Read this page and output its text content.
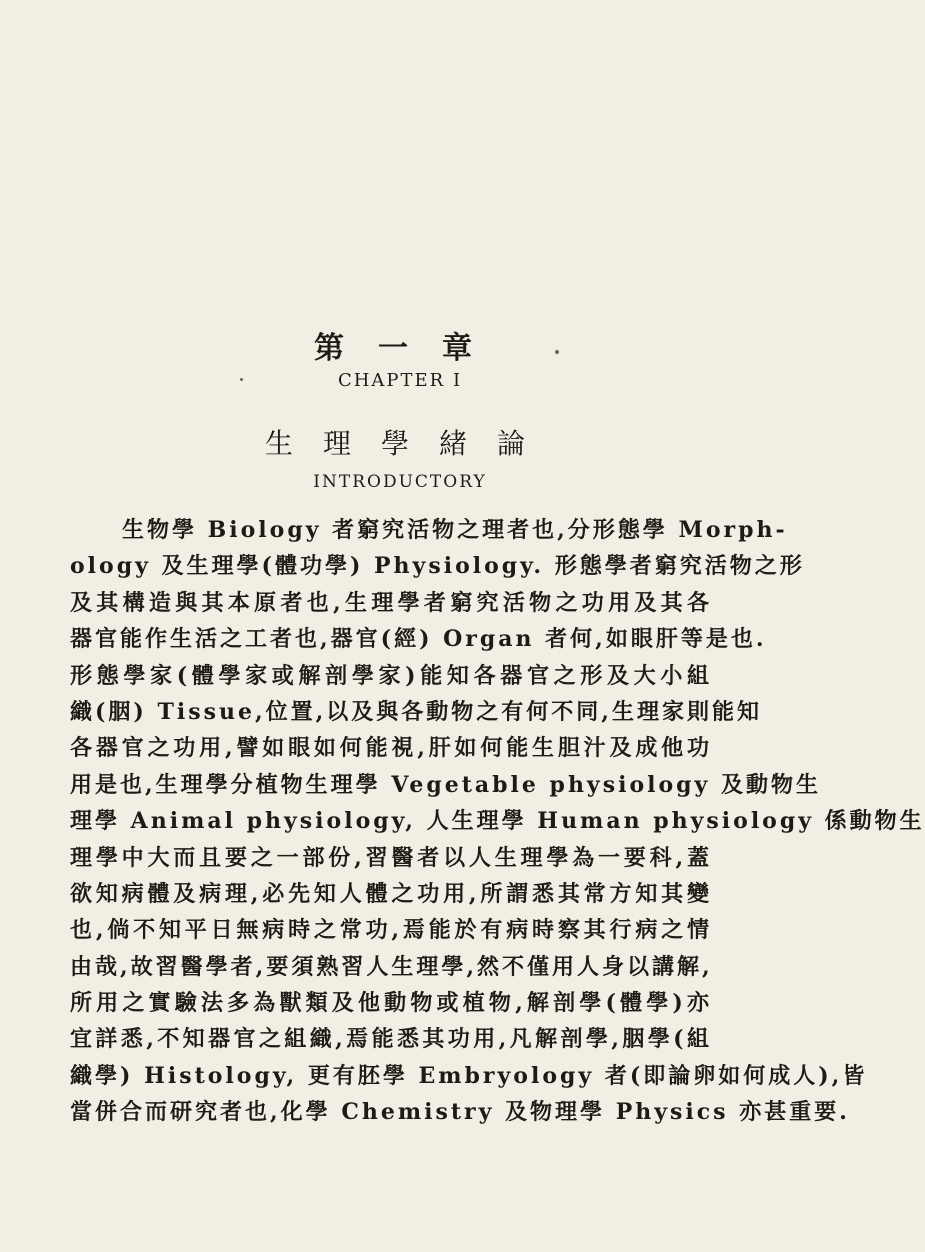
第一章
CHAPTER I
生理學緒論
INTRODUCTORY
生物學 Biology 者窮究活物之理者也,分形態學 Morph-
ology 及生理學(體功學) Physiology. 形態學者窮究活物之形
及其構造與其本原者也,生理學者窮究活物之功用及其各
器官能作生活之工者也,器官(經) Organ 者何,如眼肝等是也.
形態學家(體學家或解剖學家)能知各器官之形及大小組
織(胭) Tissue,位置,以及與各動物之有何不同,生理家則能知
各器官之功用,譬如眼如何能視,肝如何能生胆汁及成他功
用是也,生理學分植物生理學 Vegetable physiology 及動物生
理學 Animal physiology, 人生理學 Human physiology 係動物生
理學中大而且要之一部份,習醫者以人生理學為一要科,蓋
欲知病體及病理,必先知人體之功用,所謂悉其常方知其變
也,倘不知平日無病時之常功,焉能於有病時察其行病之情
由哉,故習醫學者,要須熟習人生理學,然不僅用人身以講解,
所用之實驗法多為獸類及他動物或植物,解剖學(體學)亦
宜詳悉,不知器官之組織,焉能悉其功用,凡解剖學,胭學(組
織學) Histology, 更有胚學 Embryology 者(即論卵如何成人),皆
當併合而研究者也,化學 Chemistry 及物理學 Physics 亦甚重要.
